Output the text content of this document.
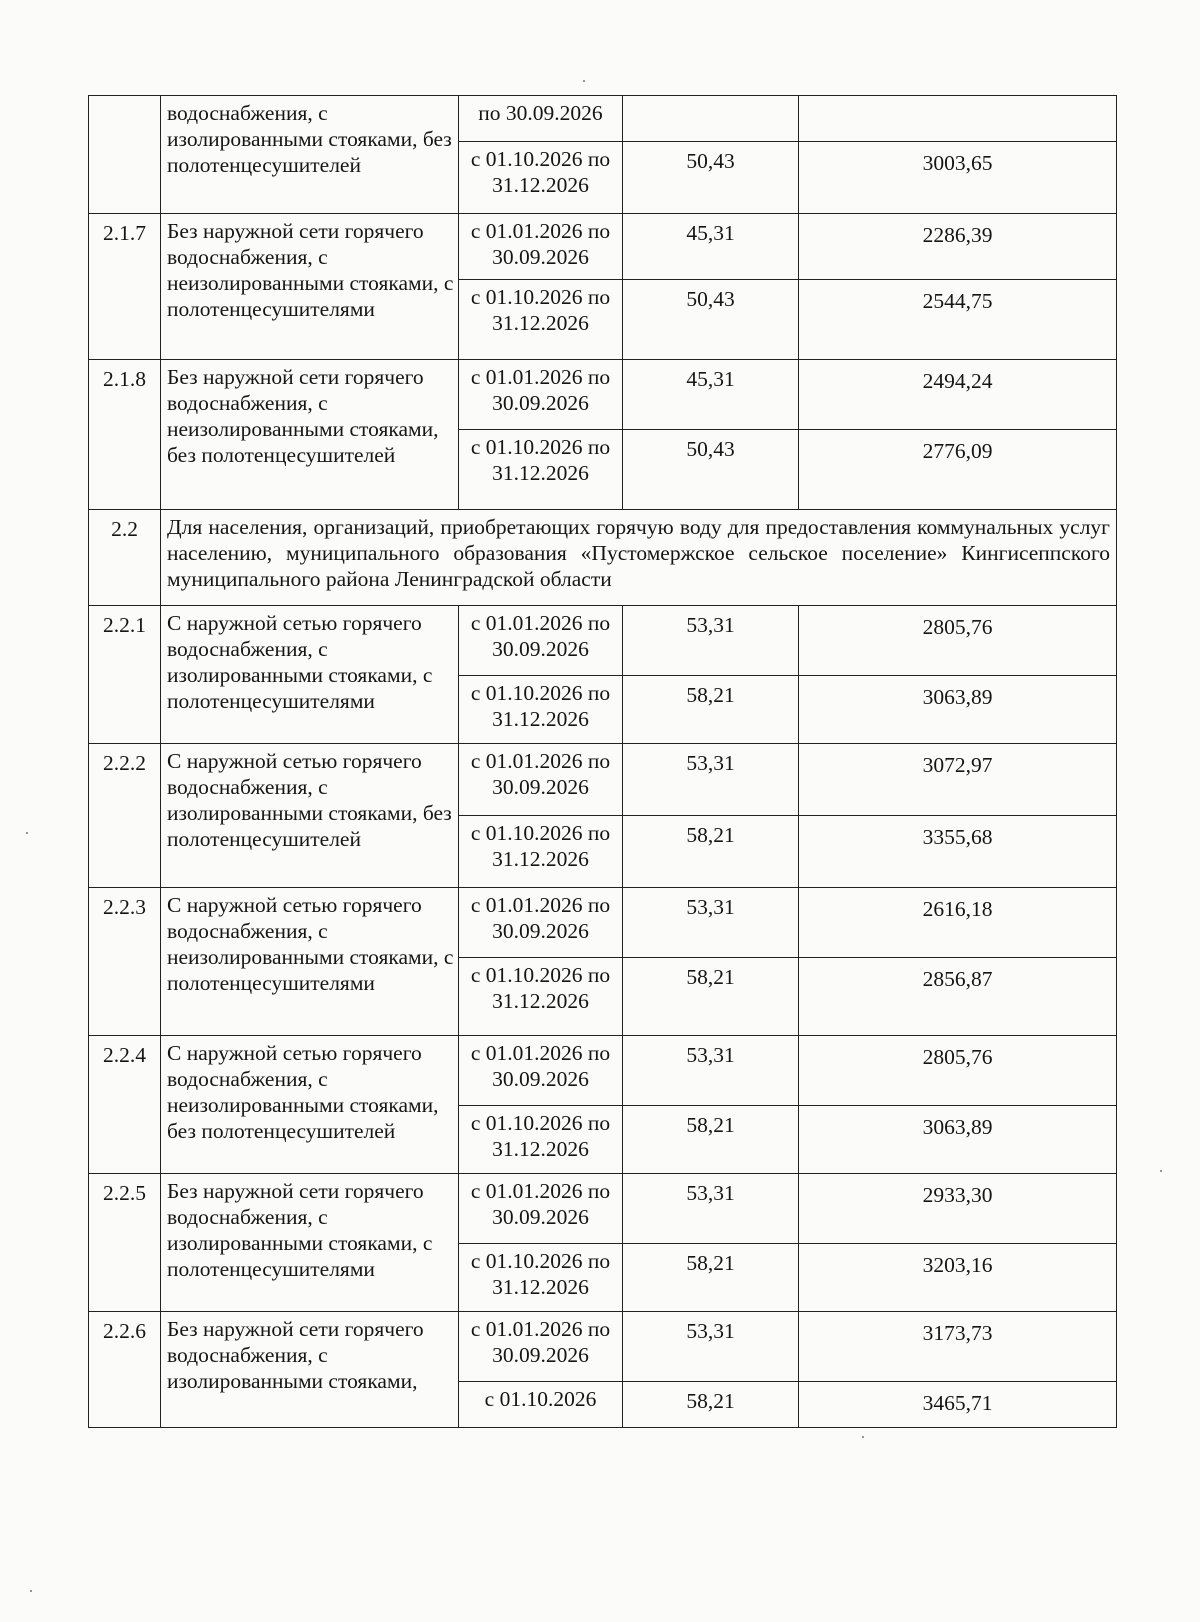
	водоснабжения, с изолированными стояками, без полотенцесушителей	по 30.09.2026		
		с 01.10.2026 по 31.12.2026	50,43	3003,65
2.1.7	Без наружной сети горячего водоснабжения, с неизолированными стояками, с полотенцесушителями	с 01.01.2026 по 30.09.2026	45,31	2286,39
		с 01.10.2026 по 31.12.2026	50,43	2544,75
2.1.8	Без наружной сети горячего водоснабжения, с неизолированными стояками, без полотенцесушителей	с 01.01.2026 по 30.09.2026	45,31	2494,24
		с 01.10.2026 по 31.12.2026	50,43	2776,09
2.2	Для населения, организаций, приобретающих горячую воду для предоставления коммунальных услуг населению, муниципального образования «Пустомержское сельское поселение» Кингисеппского муниципального района Ленинградской области			
2.2.1	С наружной сетью горячего водоснабжения, с изолированными стояками, с полотенцесушителями	с 01.01.2026 по 30.09.2026	53,31	2805,76
		с 01.10.2026 по 31.12.2026	58,21	3063,89
2.2.2	С наружной сетью горячего водоснабжения, с изолированными стояками, без полотенцесушителей	с 01.01.2026 по 30.09.2026	53,31	3072,97
		с 01.10.2026 по 31.12.2026	58,21	3355,68
2.2.3	С наружной сетью горячего водоснабжения, с неизолированными стояками, с полотенцесушителями	с 01.01.2026 по 30.09.2026	53,31	2616,18
		с 01.10.2026 по 31.12.2026	58,21	2856,87
2.2.4	С наружной сетью горячего водоснабжения, с неизолированными стояками, без полотенцесушителей	с 01.01.2026 по 30.09.2026	53,31	2805,76
		с 01.10.2026 по 31.12.2026	58,21	3063,89
2.2.5	Без наружной сети горячего водоснабжения, с изолированными стояками, с полотенцесушителями	с 01.01.2026 по 30.09.2026	53,31	2933,30
		с 01.10.2026 по 31.12.2026	58,21	3203,16
2.2.6	Без наружной сети горячего водоснабжения, с изолированными стояками,	с 01.01.2026 по 30.09.2026	53,31	3173,73
		с 01.10.2026	58,21	3465,71
